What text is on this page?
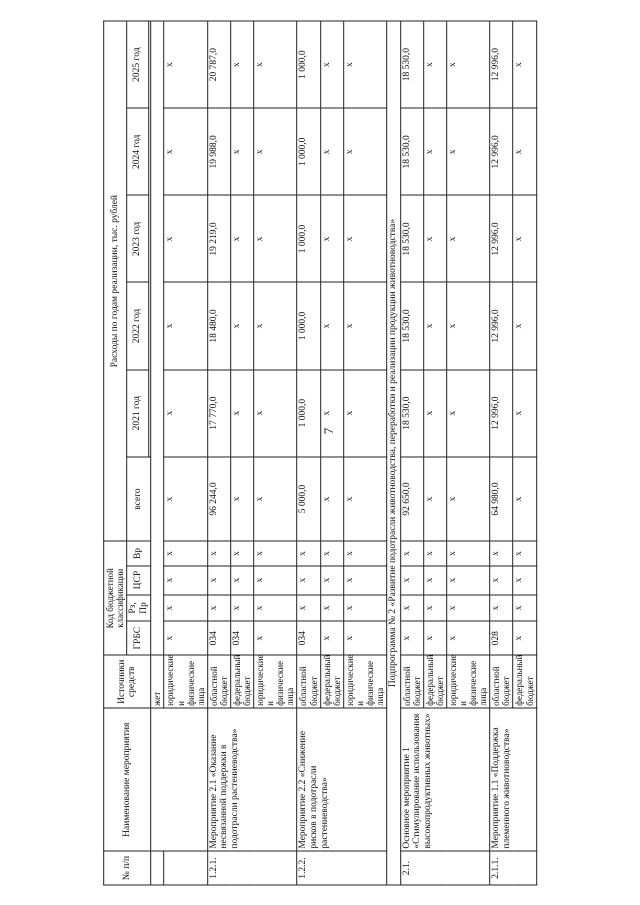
7
№ п/п	Наименование мероприятия	Источники средств	Код бюджетной классификации				Расходы по годам реализации, тыс. рублей					
			ГРБС	Рз, Пр	ЦСР	Вр	всего	2021 год	2022 год	2023 год	2024 год	2025 год

		жет										
		юридические и физические лица	x	x	x	x	x	x	x	x	x	x
1.2.1.	Мероприятие 2.1 «Оказание несвязанной поддержки в подотрасли растениеводства»	областной бюджет	034	x	x	x	96 244,0	17 770,0	18 480,0	19 219,0	19 988,0	20 787,0
		федеральный бюджет	034	x	x	x	x	x	x	x	x	x
		юридические и физические лица	x	x	x	x	x	x	x	x	x	x
1.2.2.	Мероприятие 2.2 «Снижение рисков в подотрасли растениеводства»	областной бюджет	034	x	x	x	5 000,0	1 000,0	1 000,0	1 000,0	1 000,0	1 000,0
		федеральный бюджет	x	x	x	x	x	x	x	x	x	x
		юридические и физические лица	x	x	x	x	x	x	x	x	x	x
Подпрограмма № 2 «Развитие подотрасли животноводства, переработки и реализации продукции животноводства»												
2.1.	Основное мероприятие 1 «Стимулирование использования высокопродуктивных животных»	областной бюджет	x	x	x	x	92 650,0	18 530,0	18 530,0	18 530,0	18 530,0	18 530,0
		федеральный бюджет	x	x	x	x	x	x	x	x	x	x
		юридические и физические лица	x	x	x	x	x	x	x	x	x	x
2.1.1.	Мероприятие 1.1 «Поддержка племенного животноводства»	областной бюджет	028	x	x	x	64 980,0	12 996,0	12 996,0	12 996,0	12 996,0	12 996,0
		федеральный бюджет	x	x	x	x	x	x	x	x	x	x
